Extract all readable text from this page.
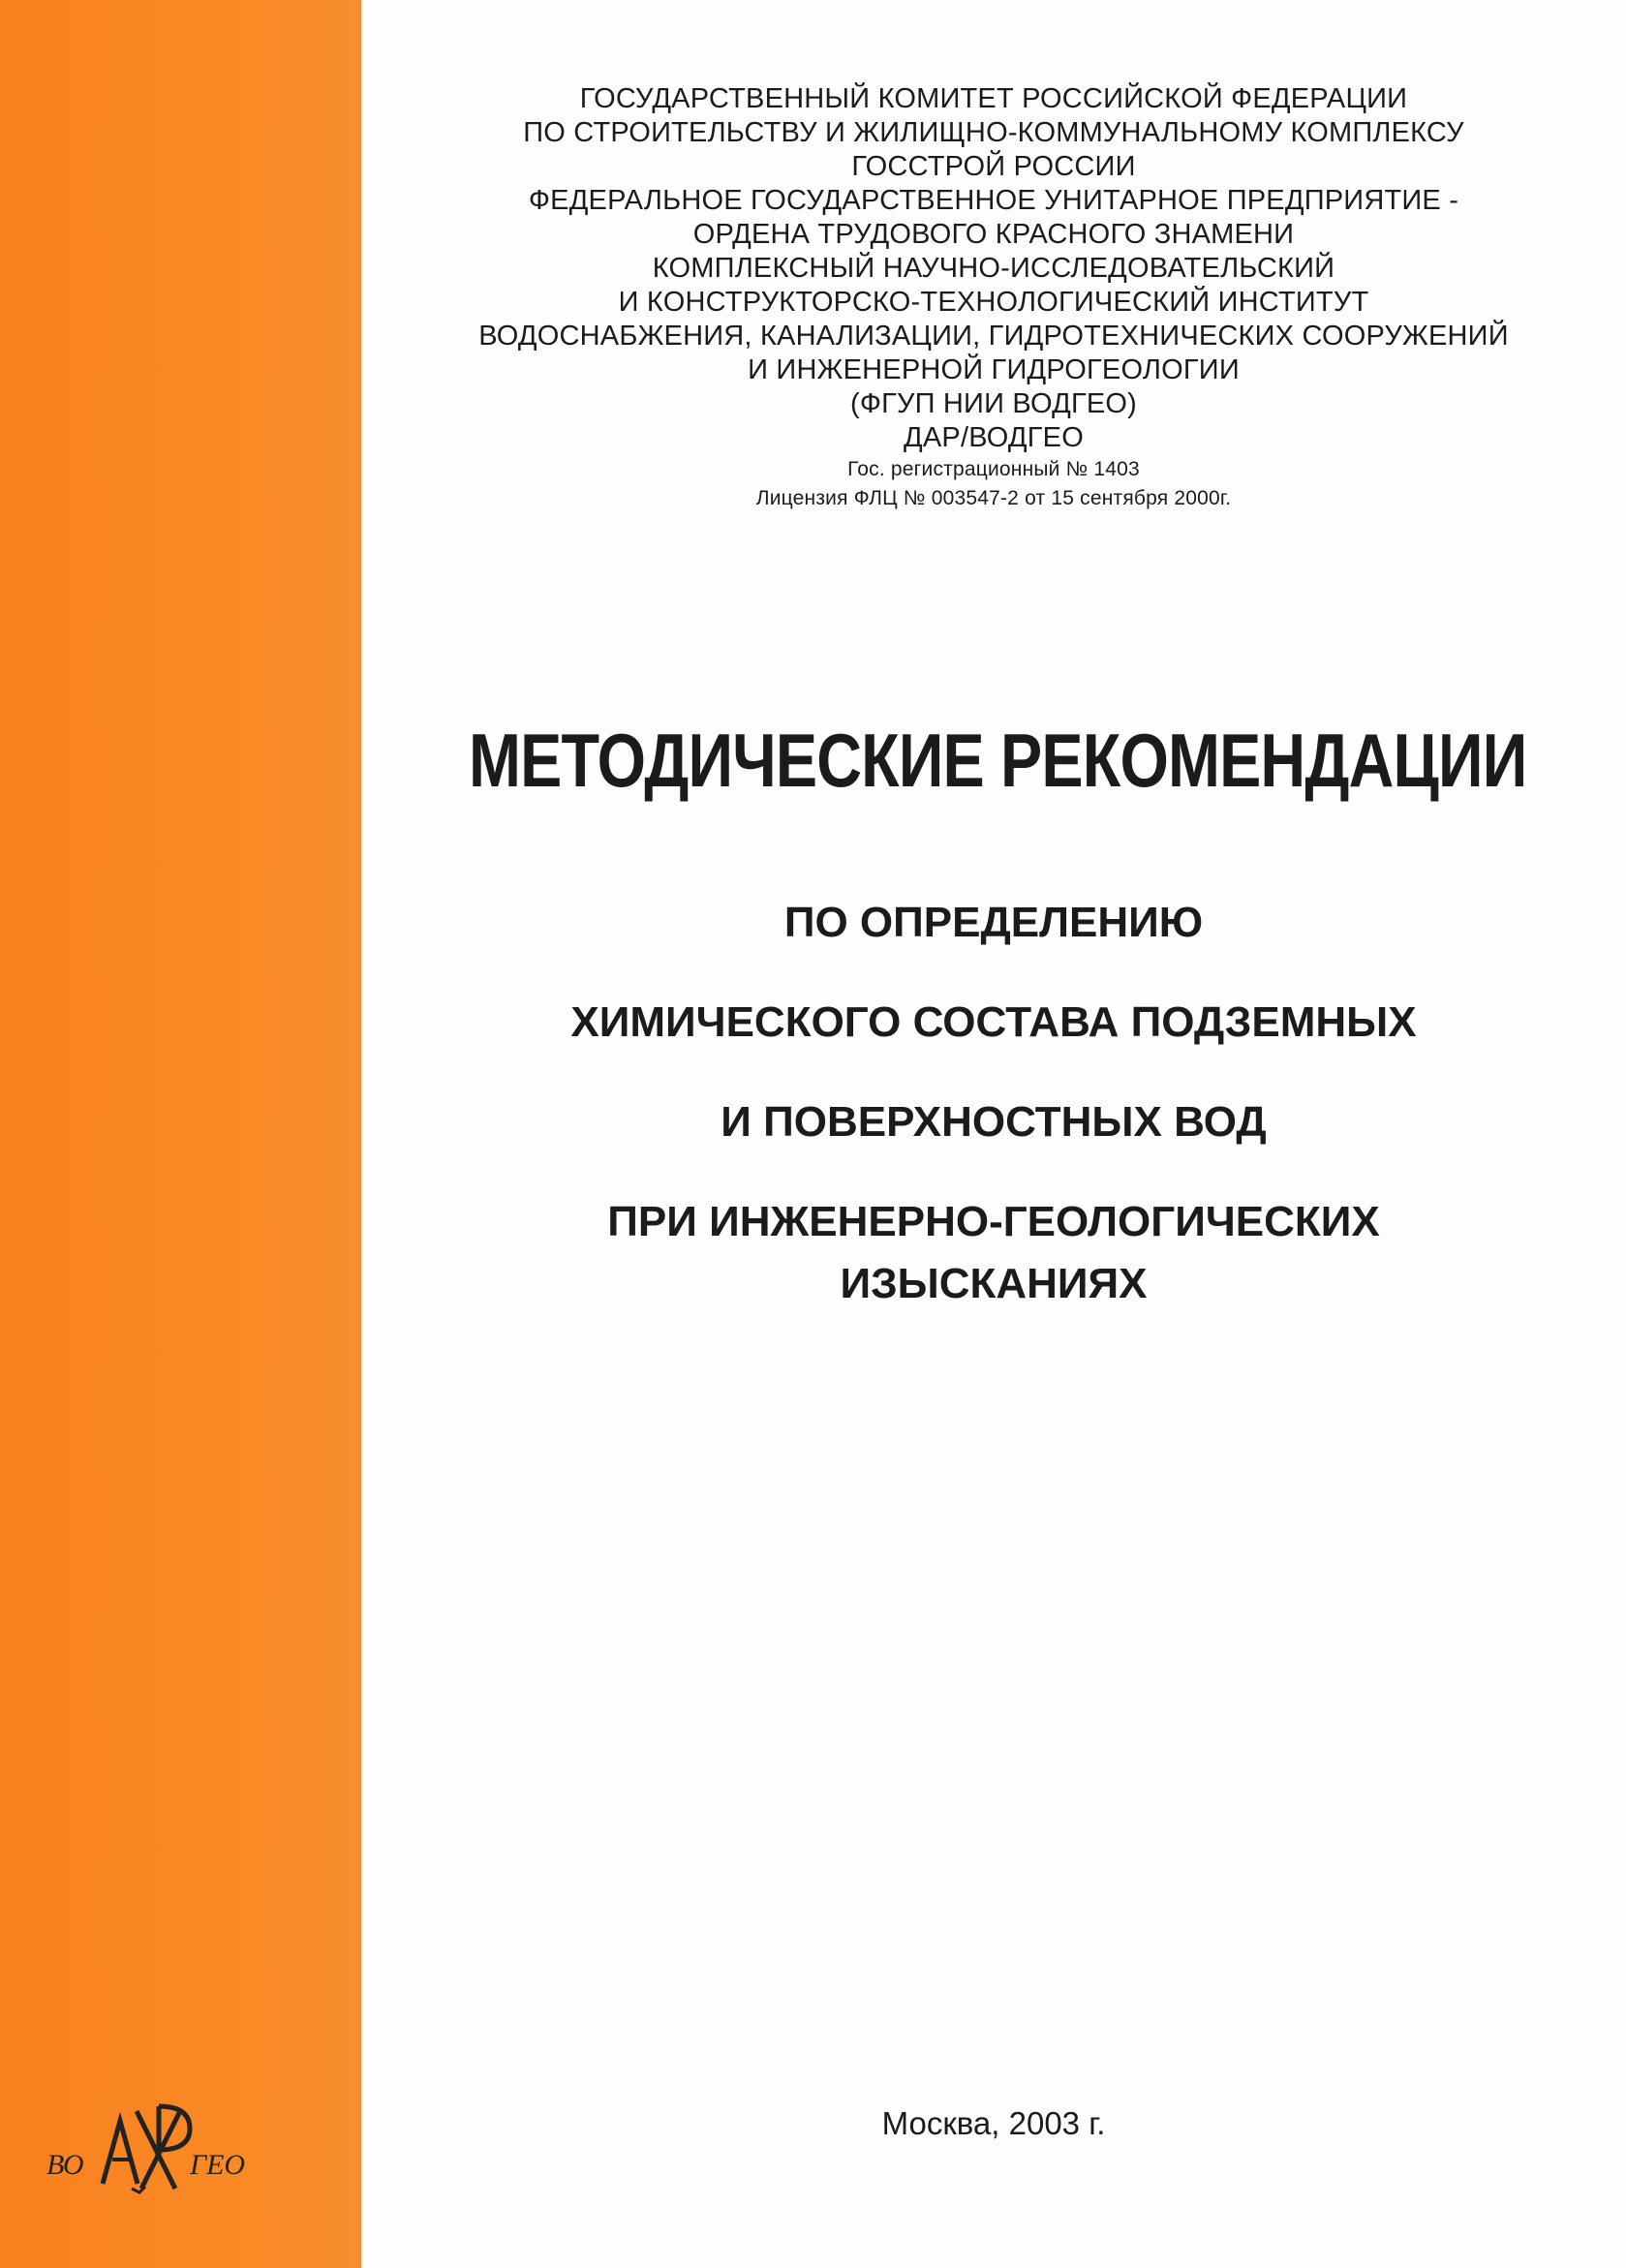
ВО	ГЕО
ГОСУДАРСТВЕННЫЙ КОМИТЕТ РОССИЙСКОЙ ФЕДЕРАЦИИ
ПО СТРОИТЕЛЬСТВУ И ЖИЛИЩНО-КОММУНАЛЬНОМУ КОМПЛЕКСУ
ГОССТРОЙ РОССИИ
ФЕДЕРАЛЬНОЕ ГОСУДАРСТВЕННОЕ УНИТАРНОЕ ПРЕДПРИЯТИЕ -
ОРДЕНА ТРУДОВОГО КРАСНОГО ЗНАМЕНИ
КОМПЛЕКСНЫЙ НАУЧНО-ИССЛЕДОВАТЕЛЬСКИЙ
И КОНСТРУКТОРСКО-ТЕХНОЛОГИЧЕСКИЙ ИНСТИТУТ
ВОДОСНАБЖЕНИЯ, КАНАЛИЗАЦИИ, ГИДРОТЕХНИЧЕСКИХ СООРУЖЕНИЙ
И ИНЖЕНЕРНОЙ ГИДРОГЕОЛОГИИ
(ФГУП НИИ ВОДГЕО)
ДАР/ВОДГЕО
Гос. регистрационный № 1403
Лицензия ФЛЦ № 003547-2 от 15 сентября 2000г.
МЕТОДИЧЕСКИЕ РЕКОМЕНДАЦИИ
ПО ОПРЕДЕЛЕНИЮ
ХИМИЧЕСКОГО СОСТАВА ПОДЗЕМНЫХ
И ПОВЕРХНОСТНЫХ ВОД
ПРИ ИНЖЕНЕРНО-ГЕОЛОГИЧЕСКИХ
ИЗЫСКАНИЯХ
Москва, 2003 г.
